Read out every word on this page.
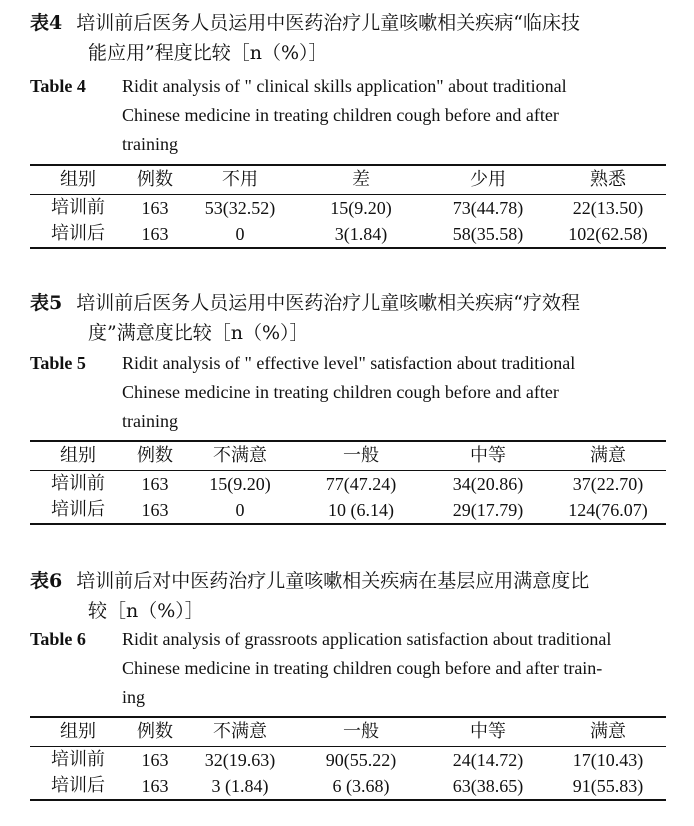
表4 培训前后医务人员运用中医药治疗儿童咳嗽相关疾病“临床技
能应用”程度比较［n（%）］
Table 4 Ridit analysis of " clinical skills application" about traditional
Chinese medicine in treating children cough before and after
training
组别	例数	不用	差	少用	熟悉
培训前	163	53(32.52)	15(9.20)	73(44.78)	22(13.50)
培训后	163	0	3(1.84)	58(35.58)	102(62.58)
表5 培训前后医务人员运用中医药治疗儿童咳嗽相关疾病“疗效程
度”满意度比较［n（%）］
Table 5 Ridit analysis of " effective level" satisfaction about traditional
Chinese medicine in treating children cough before and after
training
组别	例数	不满意	一般	中等	满意
培训前	163	15(9.20)	77(47.24)	34(20.86)	37(22.70)
培训后	163	0	10 (6.14)	29(17.79)	124(76.07)
表6 培训前后对中医药治疗儿童咳嗽相关疾病在基层应用满意度比
较［n（%）］
Table 6 Ridit analysis of grassroots application satisfaction about traditional
Chinese medicine in treating children cough before and after train-
ing
组别	例数	不满意	一般	中等	满意
培训前	163	32(19.63)	90(55.22)	24(14.72)	17(10.43)
培训后	163	3 (1.84)	6 (3.68)	63(38.65)	91(55.83)
